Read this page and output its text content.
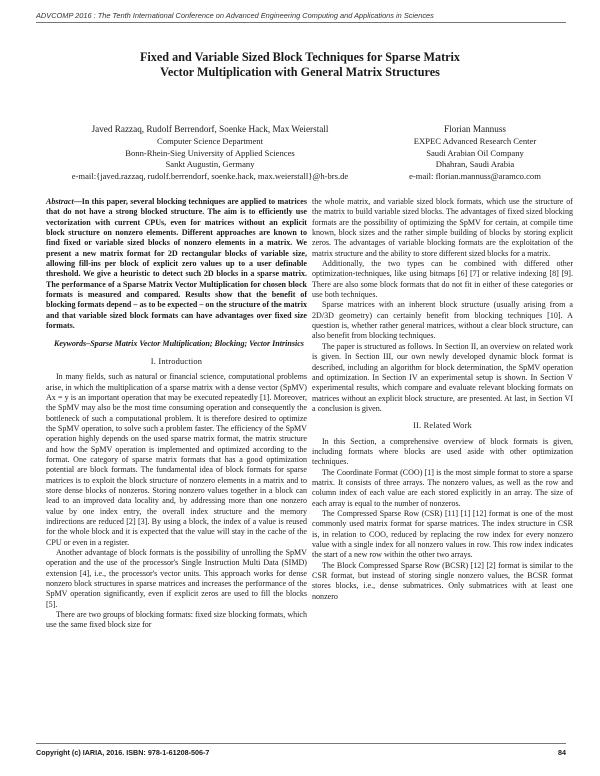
ADVCOMP 2016 : The Tenth International Conference on Advanced Engineering Computing and Applications in Sciences
Fixed and Variable Sized Block Techniques for Sparse Matrix
Vector Multiplication with General Matrix Structures
Javed Razzaq, Rudolf Berrendorf, Soenke Hack, Max Weierstall
Computer Science Department
Bonn-Rhein-Sieg University of Applied Sciences
Sankt Augustin, Germany
e-mail:{javed.razzaq, rudolf.berrendorf, soenke.hack, max.weierstall}@h-brs.de
Florian Mannuss
EXPEC Advanced Research Center
Saudi Arabian Oil Company
Dhahran, Saudi Arabia
e-mail: florian.mannuss@aramco.com

Abstract—In this paper, several blocking techniques are applied to matrices that do not have a strong blocked structure. The aim is to efficiently use vectorization with current CPUs, even for matrices without an explicit block structure on nonzero elements. Different approaches are known to find fixed or variable sized blocks of nonzero elements in a matrix. We present a new matrix format for 2D rectangular blocks of variable size, allowing fill-ins per block of explicit zero values up to a user definable threshold. We give a heuristic to detect such 2D blocks in a sparse matrix. The performance of a Sparse Matrix Vector Multiplication for chosen block formats is measured and compared. Results show that the benefit of blocking formats depend – as to be expected – on the structure of the matrix and that variable sized block formats can have advantages over fixed size formats.

Keywords–Sparse Matrix Vector Multiplication; Blocking; Vector Intrinsics

I. Introduction

In many fields, such as natural or financial science, computational problems arise, in which the multiplication of a sparse matrix with a dense vector (SpMV) Ax = y is an important operation that may be executed repeatedly [1]. Moreover, the SpMV may also be the most time consuming operation and consequently the bottleneck of such a computational problem. It is therefore desired to optimize the SpMV operation, to solve such a problem faster. The efficiency of the SpMV operation highly depends on the used sparse matrix format, the matrix structure and how the SpMV operation is implemented and optimized according to the format. One category of sparse matrix formats that has a good optimization potential are block formats. The fundamental idea of block formats for sparse matrices is to exploit the block structure of nonzero elements in a matrix and to store dense blocks of nonzeros. Storing nonzero values together in a block can lead to an improved data locality and, by addressing more than one nonzero value by one index entry, the overall index structure and the memory indirections are reduced [2] [3]. By using a block, the index of a value is reused for the whole block and it is expected that the value will stay in the cache of the CPU or even in a register.

Another advantage of block formats is the possibility of unrolling the SpMV operation and the use of the processor's Single Instruction Multi Data (SIMD) extension [4], i.e., the processor's vector units. This approach works for dense nonzero block structures in sparse matrices and increases the performance of the SpMV operation significantly, even if explicit zeros are used to fill the blocks [5].

There are two groups of blocking formats: fixed size blocking formats, which use the same fixed block size for

the whole matrix, and variable sized block formats, which use the structure of the matrix to build variable sized blocks. The advantages of fixed sized blocking formats are the possibility of optimizing the SpMV for certain, at compile time known, block sizes and the rather simple building of blocks by storing explicit zeros. The advantages of variable blocking formats are the exploitation of the matrix structure and the ability to store different sized blocks for a matrix.

Additionally, the two types can be combined with differed other optimization-techniques, like using bitmaps [6] [7] or relative indexing [8] [9]. There are also some block formats that do not fit in either of these categories or use both techniques.

Sparse matrices with an inherent block structure (usually arising from a 2D/3D geometry) can certainly benefit from blocking techniques [10]. A question is, whether rather general matrices, without a clear block structure, can also benefit from blocking techniques.

The paper is structured as follows. In Section II, an overview on related work is given. In Section III, our own newly developed dynamic block format is described, including an algorithm for block determination, the SpMV operation and optimization. In Section IV an experimental setup is shown. In Section V experimental results, which compare and evaluate relevant blocking formats on matrices without an explicit block structure, are presented. At last, in Section VI a conclusion is given.

II. Related Work

In this Section, a comprehensive overview of block formats is given, including formats where blocks are used aside with other optimization techniques.

The Coordinate Format (COO) [1] is the most simple format to store a sparse matrix. It consists of three arrays. The nonzero values, as well as the row and column index of each value are each stored explicitly in an array. The size of each array is equal to the number of nonzeros.

The Compressed Sparse Row (CSR) [11] [1] [12] format is one of the most commonly used matrix format for sparse matrices. The index structure in CSR is, in relation to COO, reduced by replacing the row index for every nonzero value with a single index for all nonzero values in row. This row index indicates the start of a new row within the other two arrays.

The Block Compressed Sparse Row (BCSR) [12] [2] format is similar to the CSR format, but instead of storing single nonzero values, the BCSR format stores blocks, i.e., dense submatrices. Only submatrices with at least one nonzero

Copyright (c) IARIA, 2016. ISBN: 978-1-61208-506-7	84
